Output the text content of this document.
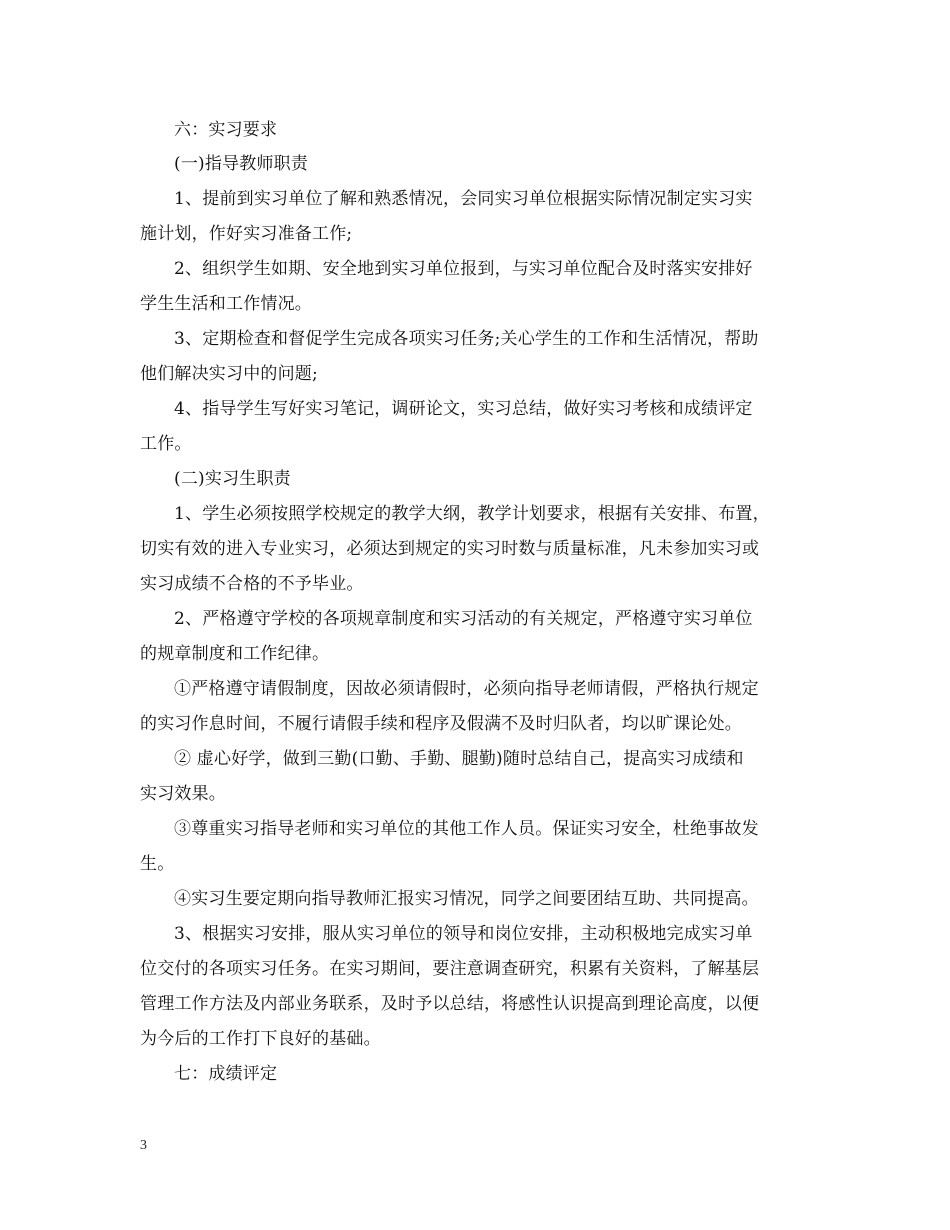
六：实习要求
(一)指导教师职责
1、提前到实习单位了解和熟悉情况，会同实习单位根据实际情况制定实习实
施计划，作好实习准备工作;
2、组织学生如期、安全地到实习单位报到，与实习单位配合及时落实安排好
学生生活和工作情况。
3、定期检查和督促学生完成各项实习任务;关心学生的工作和生活情况，帮助
他们解决实习中的问题;
4、指导学生写好实习笔记，调研论文，实习总结，做好实习考核和成绩评定
工作。
(二)实习生职责
1、学生必须按照学校规定的教学大纲，教学计划要求，根据有关安排、布置，
切实有效的进入专业实习，必须达到规定的实习时数与质量标准，凡未参加实习或
实习成绩不合格的不予毕业。
2、严格遵守学校的各项规章制度和实习活动的有关规定，严格遵守实习单位
的规章制度和工作纪律。
①严格遵守请假制度，因故必须请假时，必须向指导老师请假，严格执行规定
的实习作息时间，不履行请假手续和程序及假满不及时归队者，均以旷课论处。
② 虚心好学，做到三勤(口勤、手勤、腿勤)随时总结自己，提高实习成绩和
实习效果。
③尊重实习指导老师和实习单位的其他工作人员。保证实习安全，杜绝事故发
生。
④实习生要定期向指导教师汇报实习情况，同学之间要团结互助、共同提高。
3、根据实习安排，服从实习单位的领导和岗位安排，主动积极地完成实习单
位交付的各项实习任务。在实习期间，要注意调查研究，积累有关资料，了解基层
管理工作方法及内部业务联系，及时予以总结，将感性认识提高到理论高度，以便
为今后的工作打下良好的基础。
七：成绩评定
3
